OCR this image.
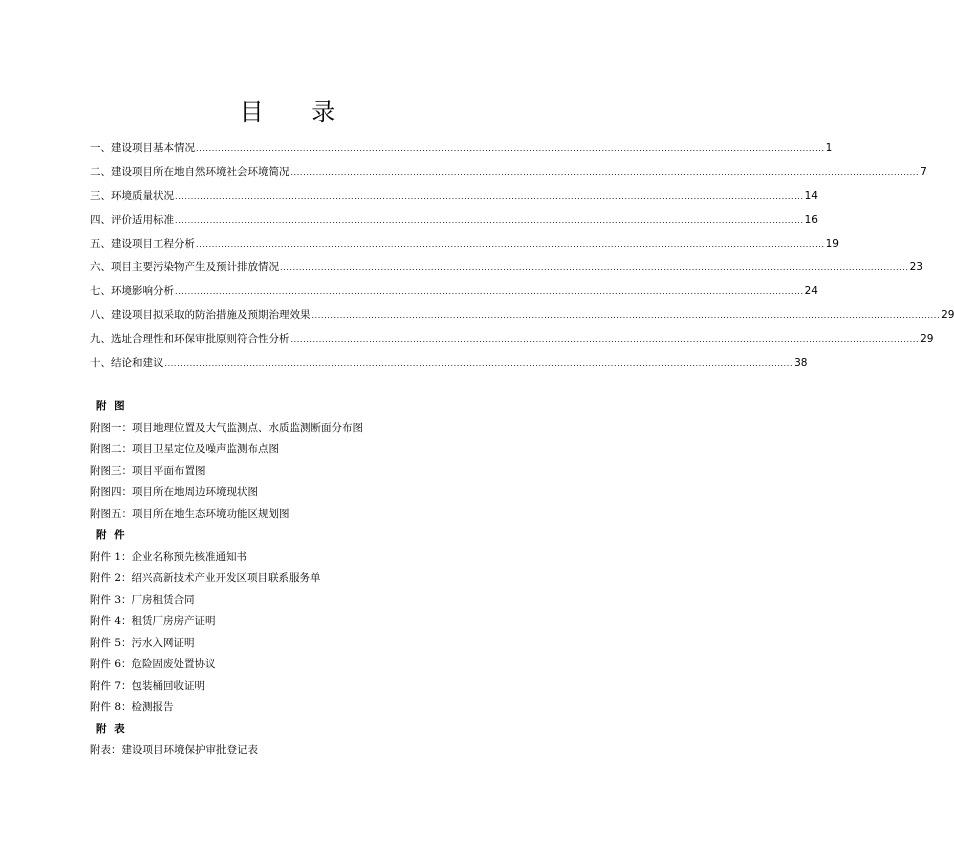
目 录
一、建设项目基本情况 ........................................................................................................................................................................................................ 1
二、建设项目所在地自然环境社会环境简况 ........................................................................................................................................................................................................ 7
三、环境质量状况 ........................................................................................................................................................................................................ 14
四、评价适用标准 ........................................................................................................................................................................................................ 16
五、建设项目工程分析 ........................................................................................................................................................................................................ 19
六、项目主要污染物产生及预计排放情况 ........................................................................................................................................................................................................ 23
七、环境影响分析 ........................................................................................................................................................................................................ 24
八、建设项目拟采取的防治措施及预期治理效果 ........................................................................................................................................................................................................ 29
九、选址合理性和环保审批原则符合性分析 ........................................................................................................................................................................................................ 29
十、结论和建议 ........................................................................................................................................................................................................ 38
附 图
附图一：项目地理位置及大气监测点、水质监测断面分布图
附图二：项目卫星定位及噪声监测布点图
附图三：项目平面布置图
附图四：项目所在地周边环境现状图
附图五：项目所在地生态环境功能区规划图
附 件
附件 1：企业名称预先核准通知书
附件 2：绍兴高新技术产业开发区项目联系服务单
附件 3：厂房租赁合同
附件 4：租赁厂房房产证明
附件 5：污水入网证明
附件 6：危险固废处置协议
附件 7：包装桶回收证明
附件 8：检测报告
附 表
附表：建设项目环境保护审批登记表
